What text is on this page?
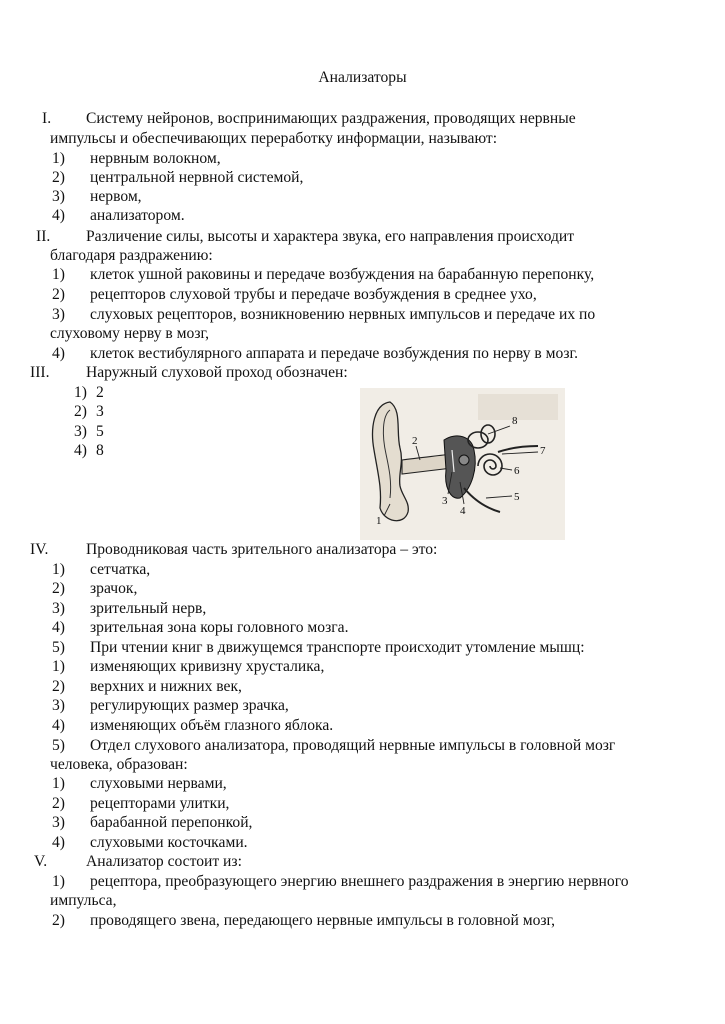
Анализаторы
I. Систему нейронов, воспринимающих раздражения, проводящих нервные
импульсы и обеспечивающих переработку информации, называют:
1) нервным волокном,
2) центральной нервной системой,
3) нервом,
4) анализатором.
II. Различение силы, высоты и характера звука, его направления происходит
благодаря раздражению:
1) клеток ушной раковины и передаче возбуждения на барабанную перепонку,
2) рецепторов слуховой трубы и передаче возбуждения в среднее ухо,
3) слуховых рецепторов, возникновению нервных импульсов и передаче их по
слуховому нерву в мозг,
4) клеток вестибулярного аппарата и передаче возбуждения по нерву в мозг.
III. Наружный слуховой проход обозначен:
1) 2
2) 3
3) 5
4) 8
1
2
3
4
5
6
7
8
IV. Проводниковая часть зрительного анализатора – это:
1) сетчатка,
2) зрачок,
3) зрительный нерв,
4) зрительная зона коры головного мозга.
5) При чтении книг в движущемся транспорте происходит утомление мышц:
1) изменяющих кривизну хрусталика,
2) верхних и нижних век,
3) регулирующих размер зрачка,
4) изменяющих объём глазного яблока.
5) Отдел слухового анализатора, проводящий нервные импульсы в головной мозг
человека, образован:
1) слуховыми нервами,
2) рецепторами улитки,
3) барабанной перепонкой,
4) слуховыми косточками.
V. Анализатор состоит из:
1) рецептора, преобразующего энергию внешнего раздражения в энергию нервного
импульса,
2) проводящего звена, передающего нервные импульсы в головной мозг,
